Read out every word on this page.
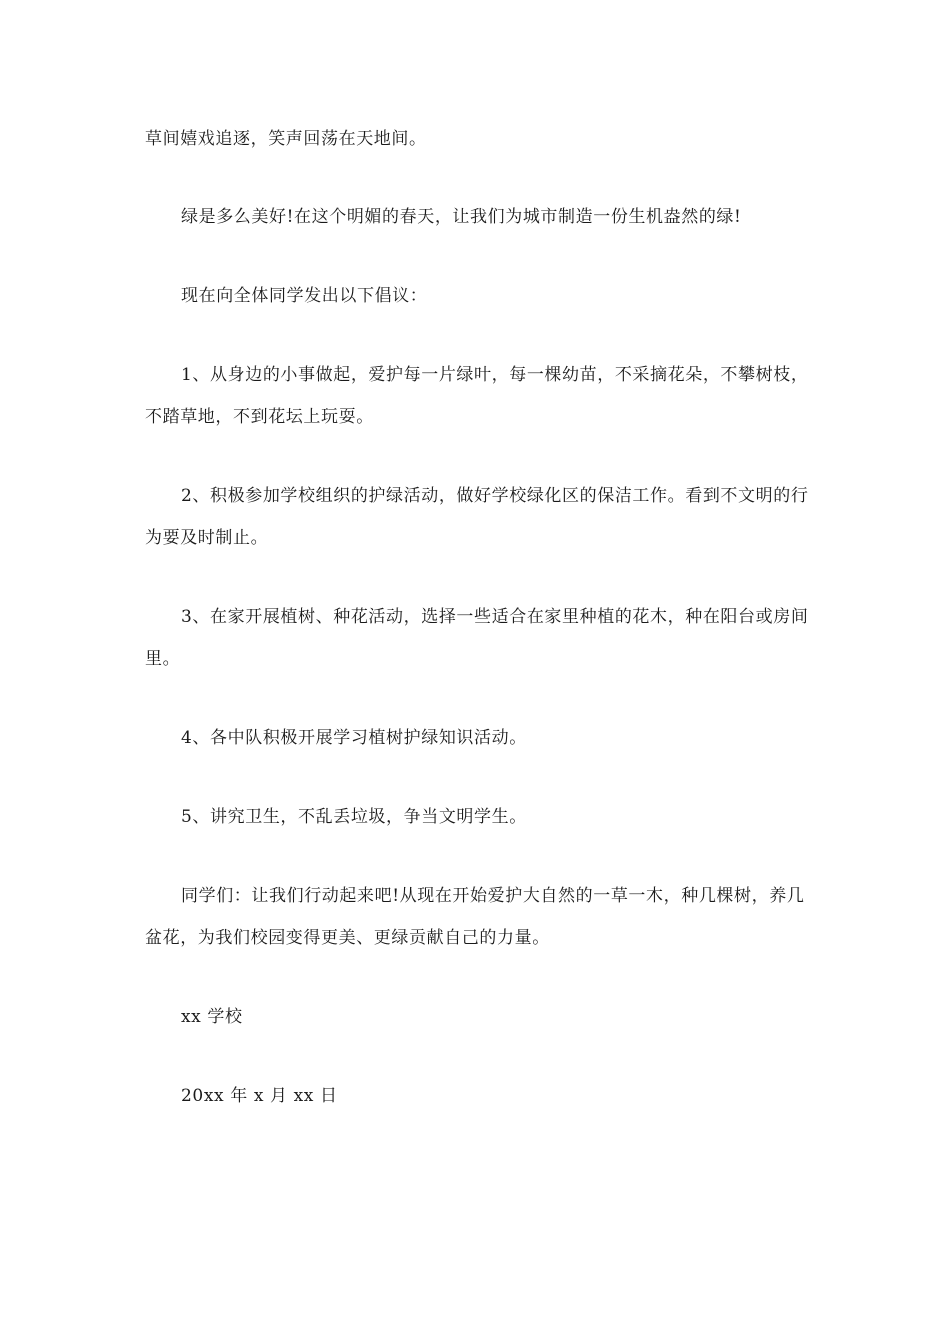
草间嬉戏追逐，笑声回荡在天地间。

绿是多么美好!在这个明媚的春天，让我们为城市制造一份生机盎然的绿!

现在向全体同学发出以下倡议：

1、从身边的小事做起，爱护每一片绿叶，每一棵幼苗，不采摘花朵，不攀树枝，不踏草地，不到花坛上玩耍。

2、积极参加学校组织的护绿活动，做好学校绿化区的保洁工作。看到不文明的行为要及时制止。

3、在家开展植树、种花活动，选择一些适合在家里种植的花木，种在阳台或房间里。

4、各中队积极开展学习植树护绿知识活动。

5、讲究卫生，不乱丢垃圾，争当文明学生。

同学们：让我们行动起来吧!从现在开始爱护大自然的一草一木，种几棵树，养几盆花，为我们校园变得更美、更绿贡献自己的力量。

xx 学校

20xx 年 x 月 xx 日
